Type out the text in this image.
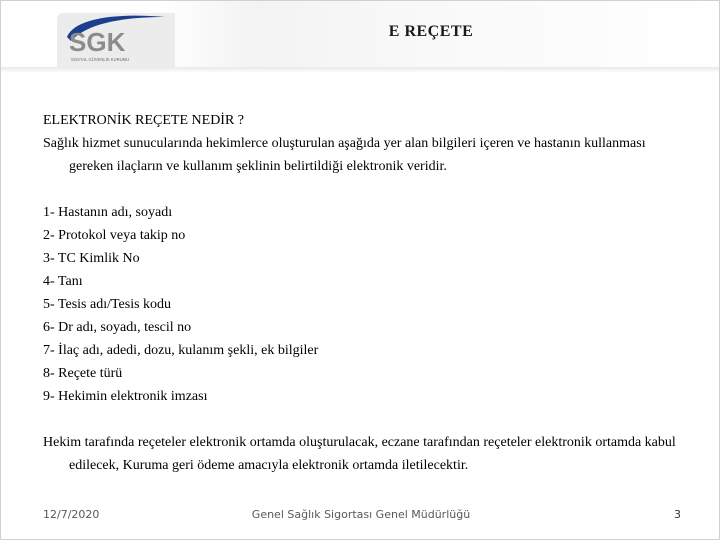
SGK
SOSYAL GÜVENLİK KURUMU
E REÇETE

ELEKTRONİK REÇETE NEDİR ?

Sağlık hizmet sunucularında hekimlerce oluşturulan aşağıda yer alan bilgileri içeren ve hastanın kullanması gereken ilaçların ve kullanım şeklinin belirtildiği elektronik veridir.

1- Hastanın adı, soyadı
2- Protokol veya takip no
3- TC Kimlik No
4- Tanı
5- Tesis adı/Tesis kodu
6- Dr adı, soyadı, tescil no
7- İlaç adı, adedi, dozu, kulanım şekli, ek bilgiler
8- Reçete türü
9- Hekimin elektronik imzası

Hekim tarafında reçeteler elektronik ortamda oluşturulacak, eczane tarafından reçeteler elektronik ortamda kabul edilecek, Kuruma geri ödeme amacıyla elektronik ortamda iletilecektir.

12/7/2020	Genel Sağlık Sigortası Genel Müdürlüğü	3
